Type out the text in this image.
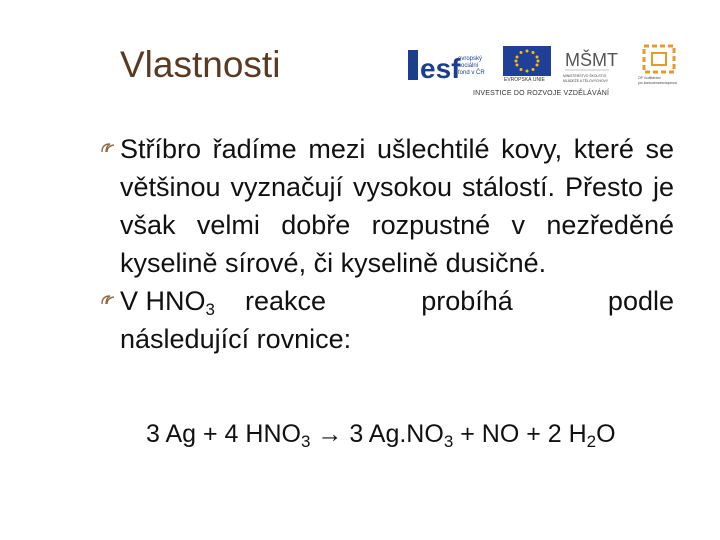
Vlastnosti	esf
evropský
sociální
fond v ČR
EVROPSKÁ UNIE
MŠMT
MINISTERSTVO ŠKOLSTVÍ,
MLÁDEŽE A TĚLOVÝCHOVY
OP Vzdělávání
pro konkurenceschopnost
INVESTICE DO ROZVOJE VZDĚLÁVÁNÍ
Stříbro řadíme mezi ušlechtilé kovy, které se většinou vyznačují vysokou stálostí. Přesto je však velmi dobře rozpustné v nezředěné kyselině sírové, či kyselině dusičné.
V $HNO_3$ reakce	probíhá	podle
následující rovnice:
3 Ag + 4 $HNO_3 \to 3$ $Ag.NO_3$ + NO + 2 $H_2O$
